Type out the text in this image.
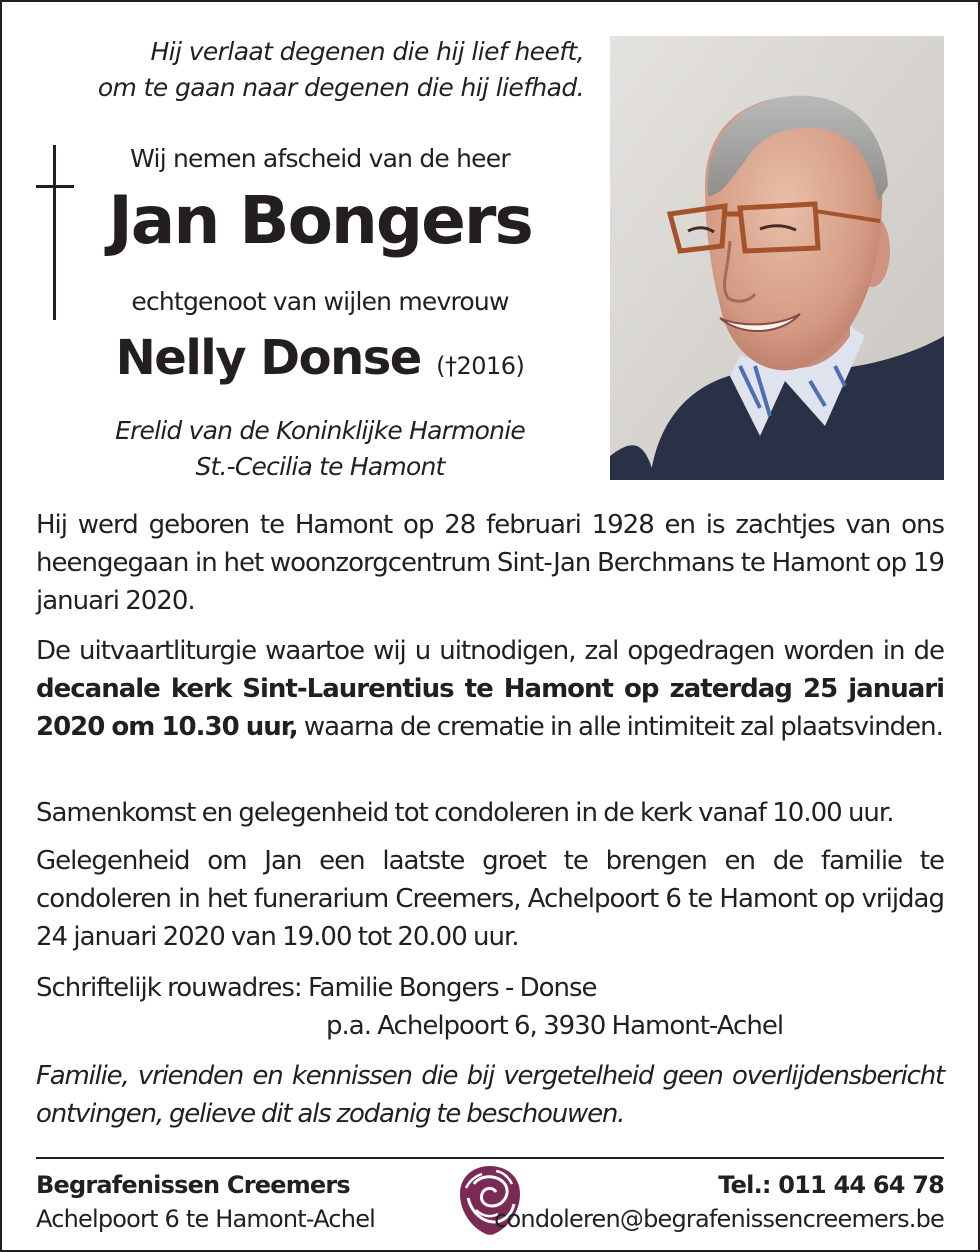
Hij verlaat degenen die hij lief heeft,
om te gaan naar degenen die hij liefhad.
Wij nemen afscheid van de heer
Jan Bongers
echtgenoot van wijlen mevrouw
Nelly Donse (†2016)
Erelid van de Koninklijke Harmonie
St.-Cecilia te Hamont
Hij werd geboren te Hamont op 28 februari 1928 en is zachtjes van ons heengegaan in het woonzorgcentrum Sint-Jan Berchmans te Hamont op 19 januari 2020.
De uitvaartliturgie waartoe wij u uitnodigen, zal opgedragen worden in de decanale kerk Sint-Laurentius te Hamont op zaterdag 25 januari 2020 om 10.30 uur, waarna de crematie in alle intimiteit zal plaatsvinden.
Samenkomst en gelegenheid tot condoleren in de kerk vanaf 10.00 uur.
Gelegenheid om Jan een laatste groet te brengen en de familie te condoleren in het funerarium Creemers, Achelpoort 6 te Hamont op vrijdag 24 januari 2020 van 19.00 tot 20.00 uur.
Schriftelijk rouwadres: Familie Bongers - Donse
p.a. Achelpoort 6, 3930 Hamont-Achel
Familie, vrienden en kennissen die bij vergetelheid geen overlijdensbericht ontvingen, gelieve dit als zodanig te beschouwen.
Begrafenissen Creemers
Achelpoort 6 te Hamont-Achel
Tel.: 011 44 64 78
condoleren@begrafenissencreemers.be
